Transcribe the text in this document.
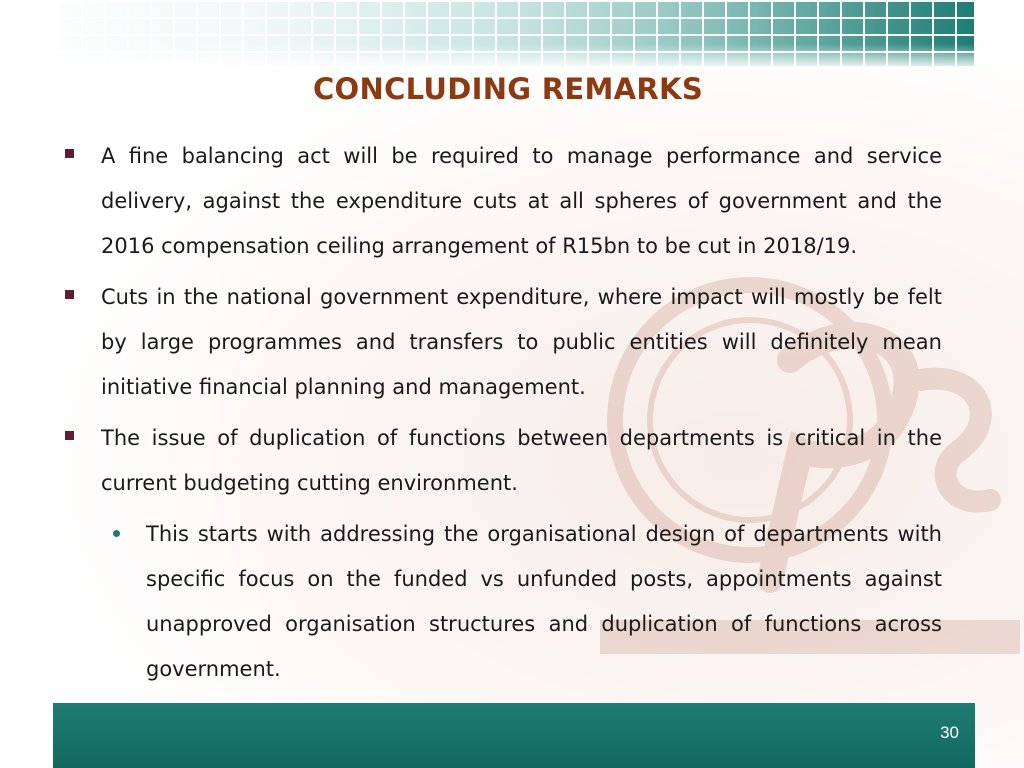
CONCLUDING REMARKS
A fine balancing act will be required to manage performance and service delivery, against the expenditure cuts at all spheres of government and the 2016 compensation ceiling arrangement of R15bn to be cut in 2018/19.
Cuts in the national government expenditure, where impact will mostly be felt by large programmes and transfers to public entities will definitely mean initiative financial planning and management.
The issue of duplication of functions between departments is critical in the current budgeting cutting environment.
This starts with addressing the organisational design of departments with specific focus on the funded vs unfunded posts, appointments against unapproved organisation structures and duplication of functions across government.
30
